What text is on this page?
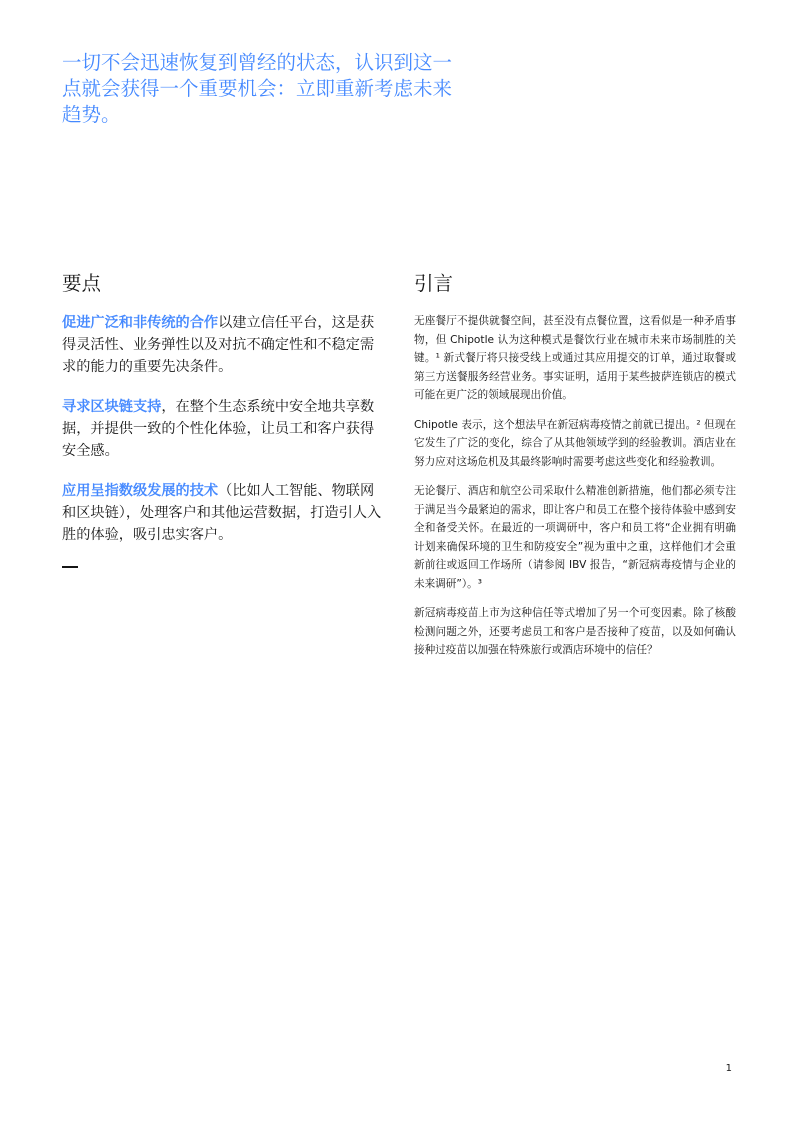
一切不会迅速恢复到曾经的状态，认识到这一点就会获得一个重要机会：立即重新考虑未来趋势。
要点

促进广泛和非传统的合作以建立信任平台，这是获得灵活性、业务弹性以及对抗不确定性和不稳定需求的能力的重要先决条件。

寻求区块链支持，在整个生态系统中安全地共享数据，并提供一致的个性化体验，让员工和客户获得安全感。

应用呈指数级发展的技术（比如人工智能、物联网和区块链），处理客户和其他运营数据，打造引人入胜的体验，吸引忠实客户。

引言

无座餐厅不提供就餐空间，甚至没有点餐位置，这看似是一种矛盾事物，但 Chipotle 认为这种模式是餐饮行业在城市未来市场制胜的关键。¹ 新式餐厅将只接受线上或通过其应用提交的订单，通过取餐或第三方送餐服务经营业务。事实证明，适用于某些披萨连锁店的模式可能在更广泛的领域展现出价值。

Chipotle 表示，这个想法早在新冠病毒疫情之前就已提出。² 但现在它发生了广泛的变化，综合了从其他领域学到的经验教训。酒店业在努力应对这场危机及其最终影响时需要考虑这些变化和经验教训。

无论餐厅、酒店和航空公司采取什么精准创新措施，他们都必须专注于满足当今最紧迫的需求，即让客户和员工在整个接待体验中感到安全和备受关怀。在最近的一项调研中，客户和员工将“企业拥有明确计划来确保环境的卫生和防疫安全”视为重中之重，这样他们才会重新前往或返回工作场所（请参阅 IBV 报告，“新冠病毒疫情与企业的未来调研”）。³

新冠病毒疫苗上市为这种信任等式增加了另一个可变因素。除了核酸检测问题之外，还要考虑员工和客户是否接种了疫苗，以及如何确认接种过疫苗以加强在特殊旅行或酒店环境中的信任？

1
